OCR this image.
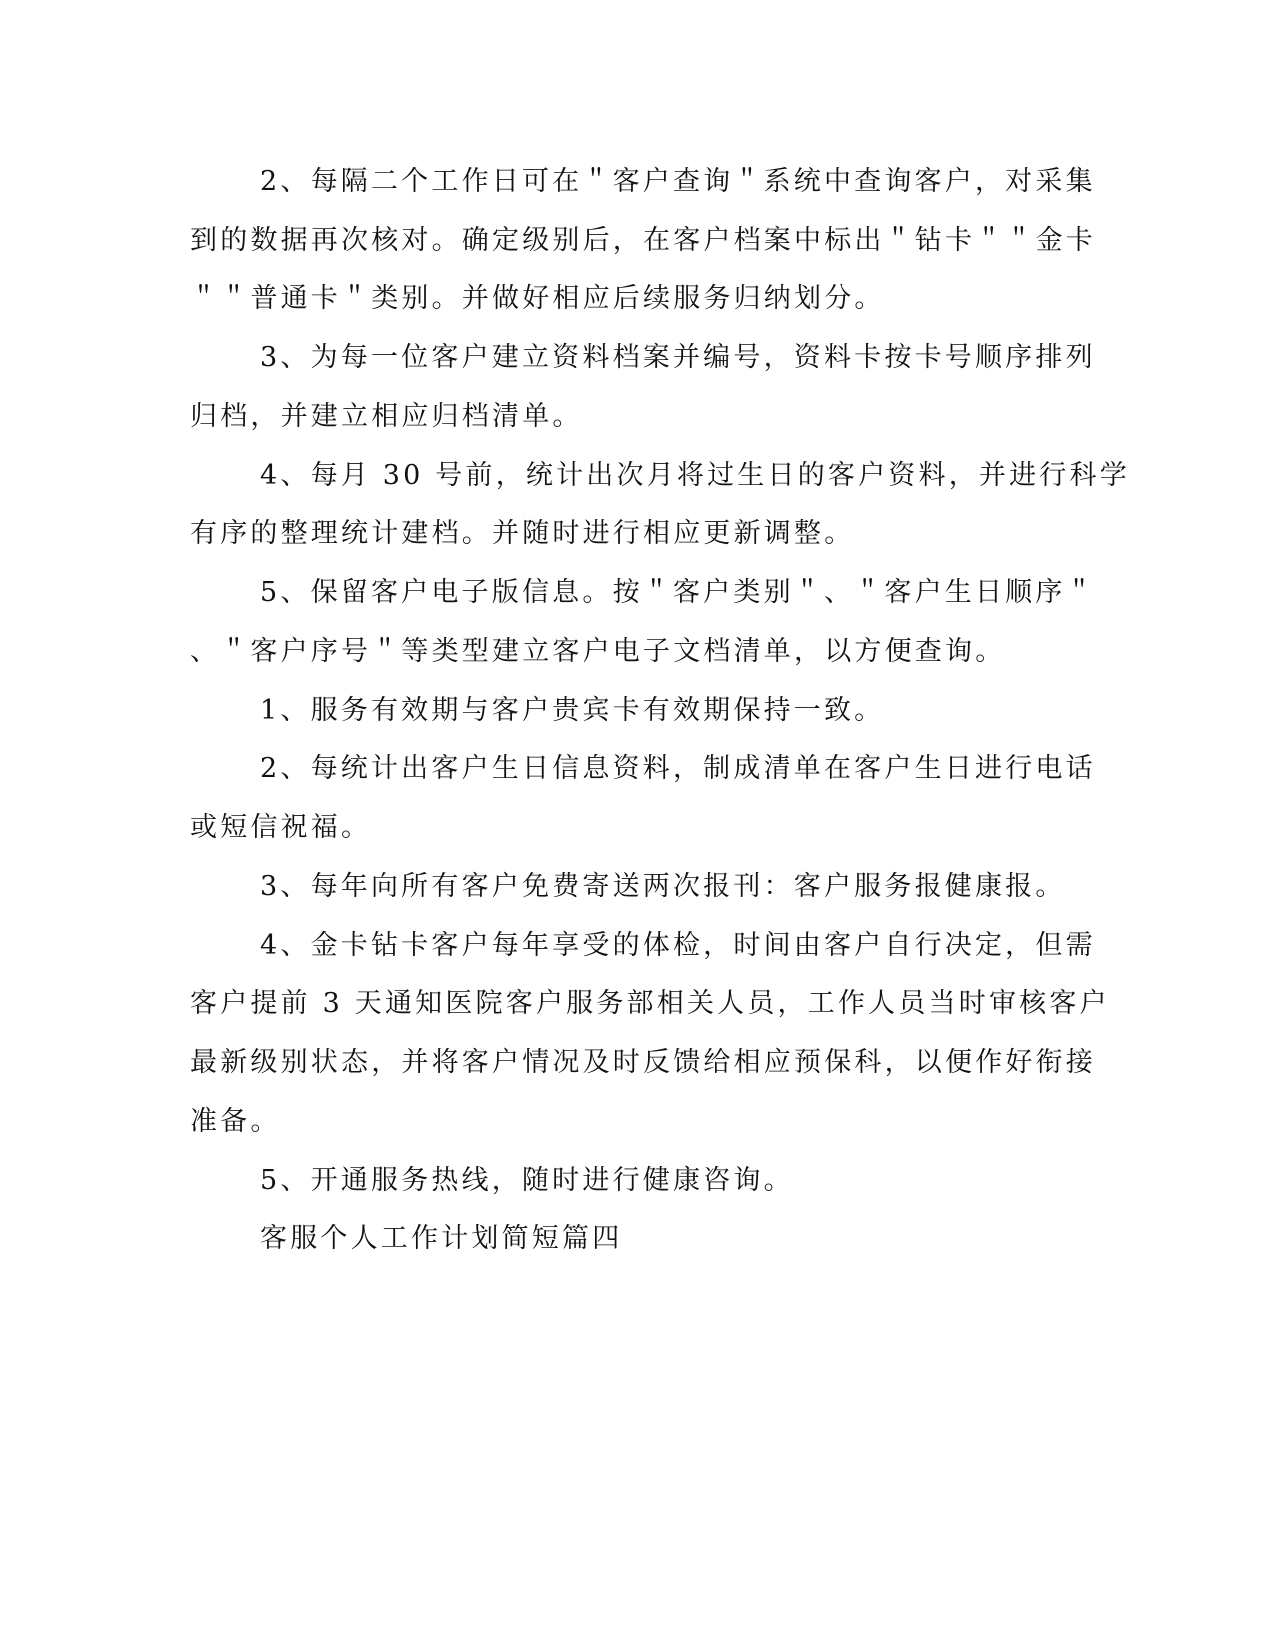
2、每隔二个工作日可在＂客户查询＂系统中查询客户，对采集
到的数据再次核对。确定级别后，在客户档案中标出＂钻卡＂＂金卡
＂＂普通卡＂类别。并做好相应后续服务归纳划分。
3、为每一位客户建立资料档案并编号，资料卡按卡号顺序排列
归档，并建立相应归档清单。
4、每月 30 号前，统计出次月将过生日的客户资料，并进行科学
有序的整理统计建档。并随时进行相应更新调整。
5、保留客户电子版信息。按＂客户类别＂、＂客户生日顺序＂
、＂客户序号＂等类型建立客户电子文档清单，以方便查询。
1、服务有效期与客户贵宾卡有效期保持一致。
2、每统计出客户生日信息资料，制成清单在客户生日进行电话
或短信祝福。
3、每年向所有客户免费寄送两次报刊：客户服务报健康报。
4、金卡钻卡客户每年享受的体检，时间由客户自行决定，但需
客户提前 3 天通知医院客户服务部相关人员，工作人员当时审核客户
最新级别状态，并将客户情况及时反馈给相应预保科，以便作好衔接
准备。
5、开通服务热线，随时进行健康咨询。
客服个人工作计划简短篇四
